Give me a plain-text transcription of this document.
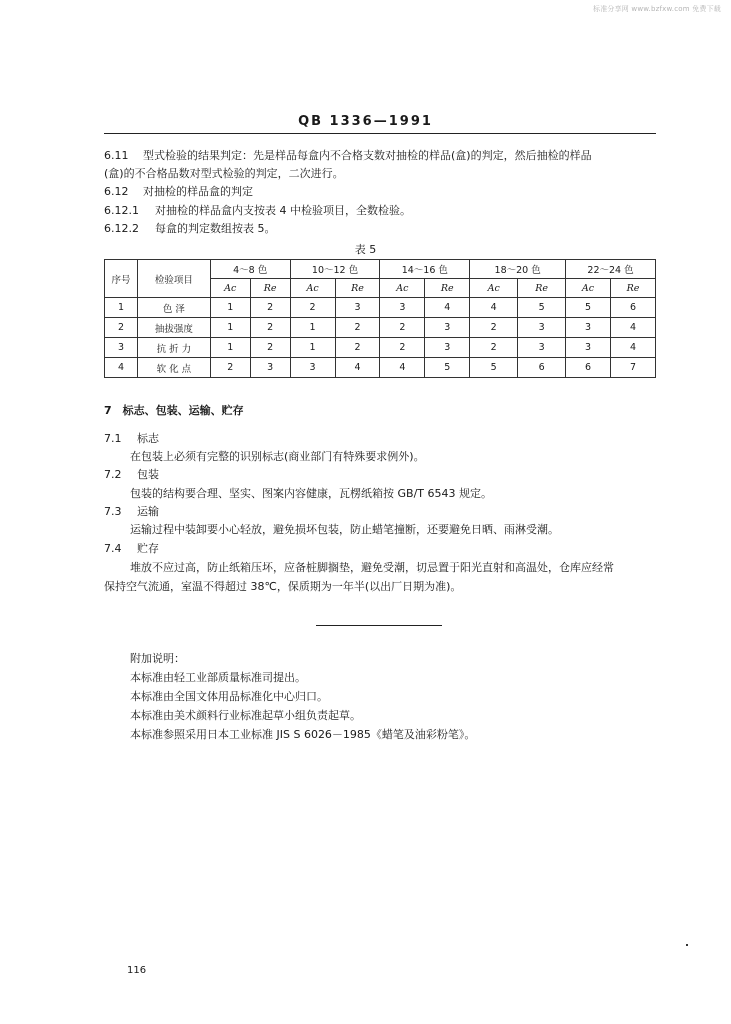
标准分享网 www.bzfxw.com 免费下载
QB 1336—1991
6.11 型式检验的结果判定：先是样品每盒内不合格支数对抽检的样品(盒)的判定，然后抽检的样品
(盒)的不合格品数对型式检验的判定，二次进行。
6.12 对抽检的样品盒的判定
6.12.1 对抽检的样品盒内支按表 4 中检验项目，全数检验。
6.12.2 每盒的判定数组按表 5。
表 5
序号	检验项目	4～8 色		10～12 色		14～16 色		18～20 色		22～24 色	
		Ac	Re	Ac	Re	Ac	Re	Ac	Re	Ac	Re
1	色 泽	1	2	2	3	3	4	4	5	5	6
2	抽拔强度	1	2	1	2	2	3	2	3	3	4
3	抗 折 力	1	2	1	2	2	3	2	3	3	4
4	软 化 点	2	3	3	4	4	5	5	6	6	7
7　标志、包装、运输、贮存
7.1 标志
在包装上必须有完整的识别标志(商业部门有特殊要求例外)。
7.2 包装
包装的结构要合理、坚实、图案内容健康，瓦楞纸箱按 GB/T 6543 规定。
7.3 运输
运输过程中装卸要小心轻放，避免损坏包装，防止蜡笔撞断，还要避免日晒、雨淋受潮。
7.4 贮存
堆放不应过高，防止纸箱压坏，应备桩脚搁垫，避免受潮，切忌置于阳光直射和高温处，仓库应经常
保持空气流通，室温不得超过 38℃，保质期为一年半(以出厂日期为准)。
附加说明：
本标准由轻工业部质量标准司提出。
本标准由全国文体用品标准化中心归口。
本标准由美术颜料行业标准起草小组负责起草。
本标准参照采用日本工业标准 JIS S 6026－1985《蜡笔及油彩粉笔》。
116
